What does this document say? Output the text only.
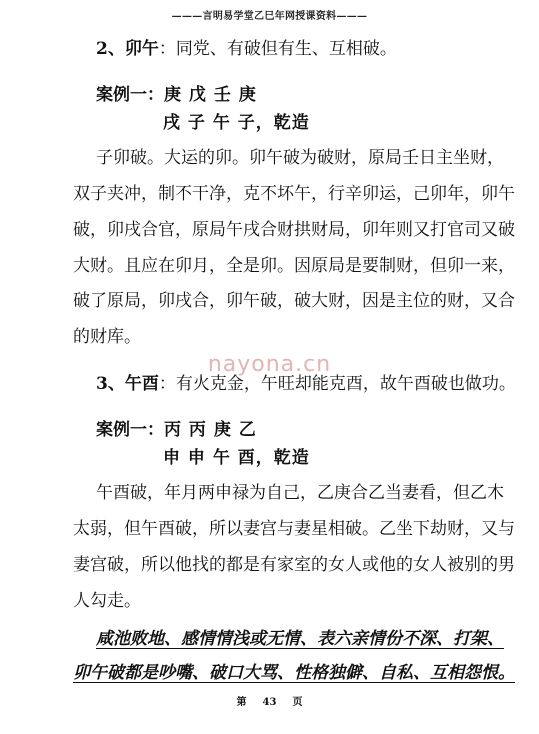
———言明易学堂乙巳年网授课资料———
2、卯午：同党、有破但有生、互相破。
案例一：庚 戊 壬 庚
戌 子 午 子，乾造
子卯破。大运的卯。卯午破为破财，原局壬日主坐财，
双子夹冲，制不干净，克不坏午，行辛卯运，己卯年，卯午
破，卯戌合官，原局午戌合财拱财局，卯年则又打官司又破
大财。且应在卯月，全是卯。因原局是要制财，但卯一来，
破了原局，卯戌合，卯午破，破大财，因是主位的财，又合
的财库。
nayona.cn
3、午酉：有火克金，午旺却能克酉，故午酉破也做功。
案例一：丙 丙 庚 乙
申 申 午 酉，乾造
午酉破，年月两申禄为自己，乙庚合乙当妻看，但乙木
太弱，但午酉破，所以妻宫与妻星相破。乙坐下劫财，又与
妻宫破，所以他找的都是有家室的女人或他的女人被别的男
人勾走。
咸池败地、感情情浅或无情、表六亲情份不深、打架、
卯午破都是吵嘴、破口大骂、性格独僻、自私、互相怨恨。
第 43 页
